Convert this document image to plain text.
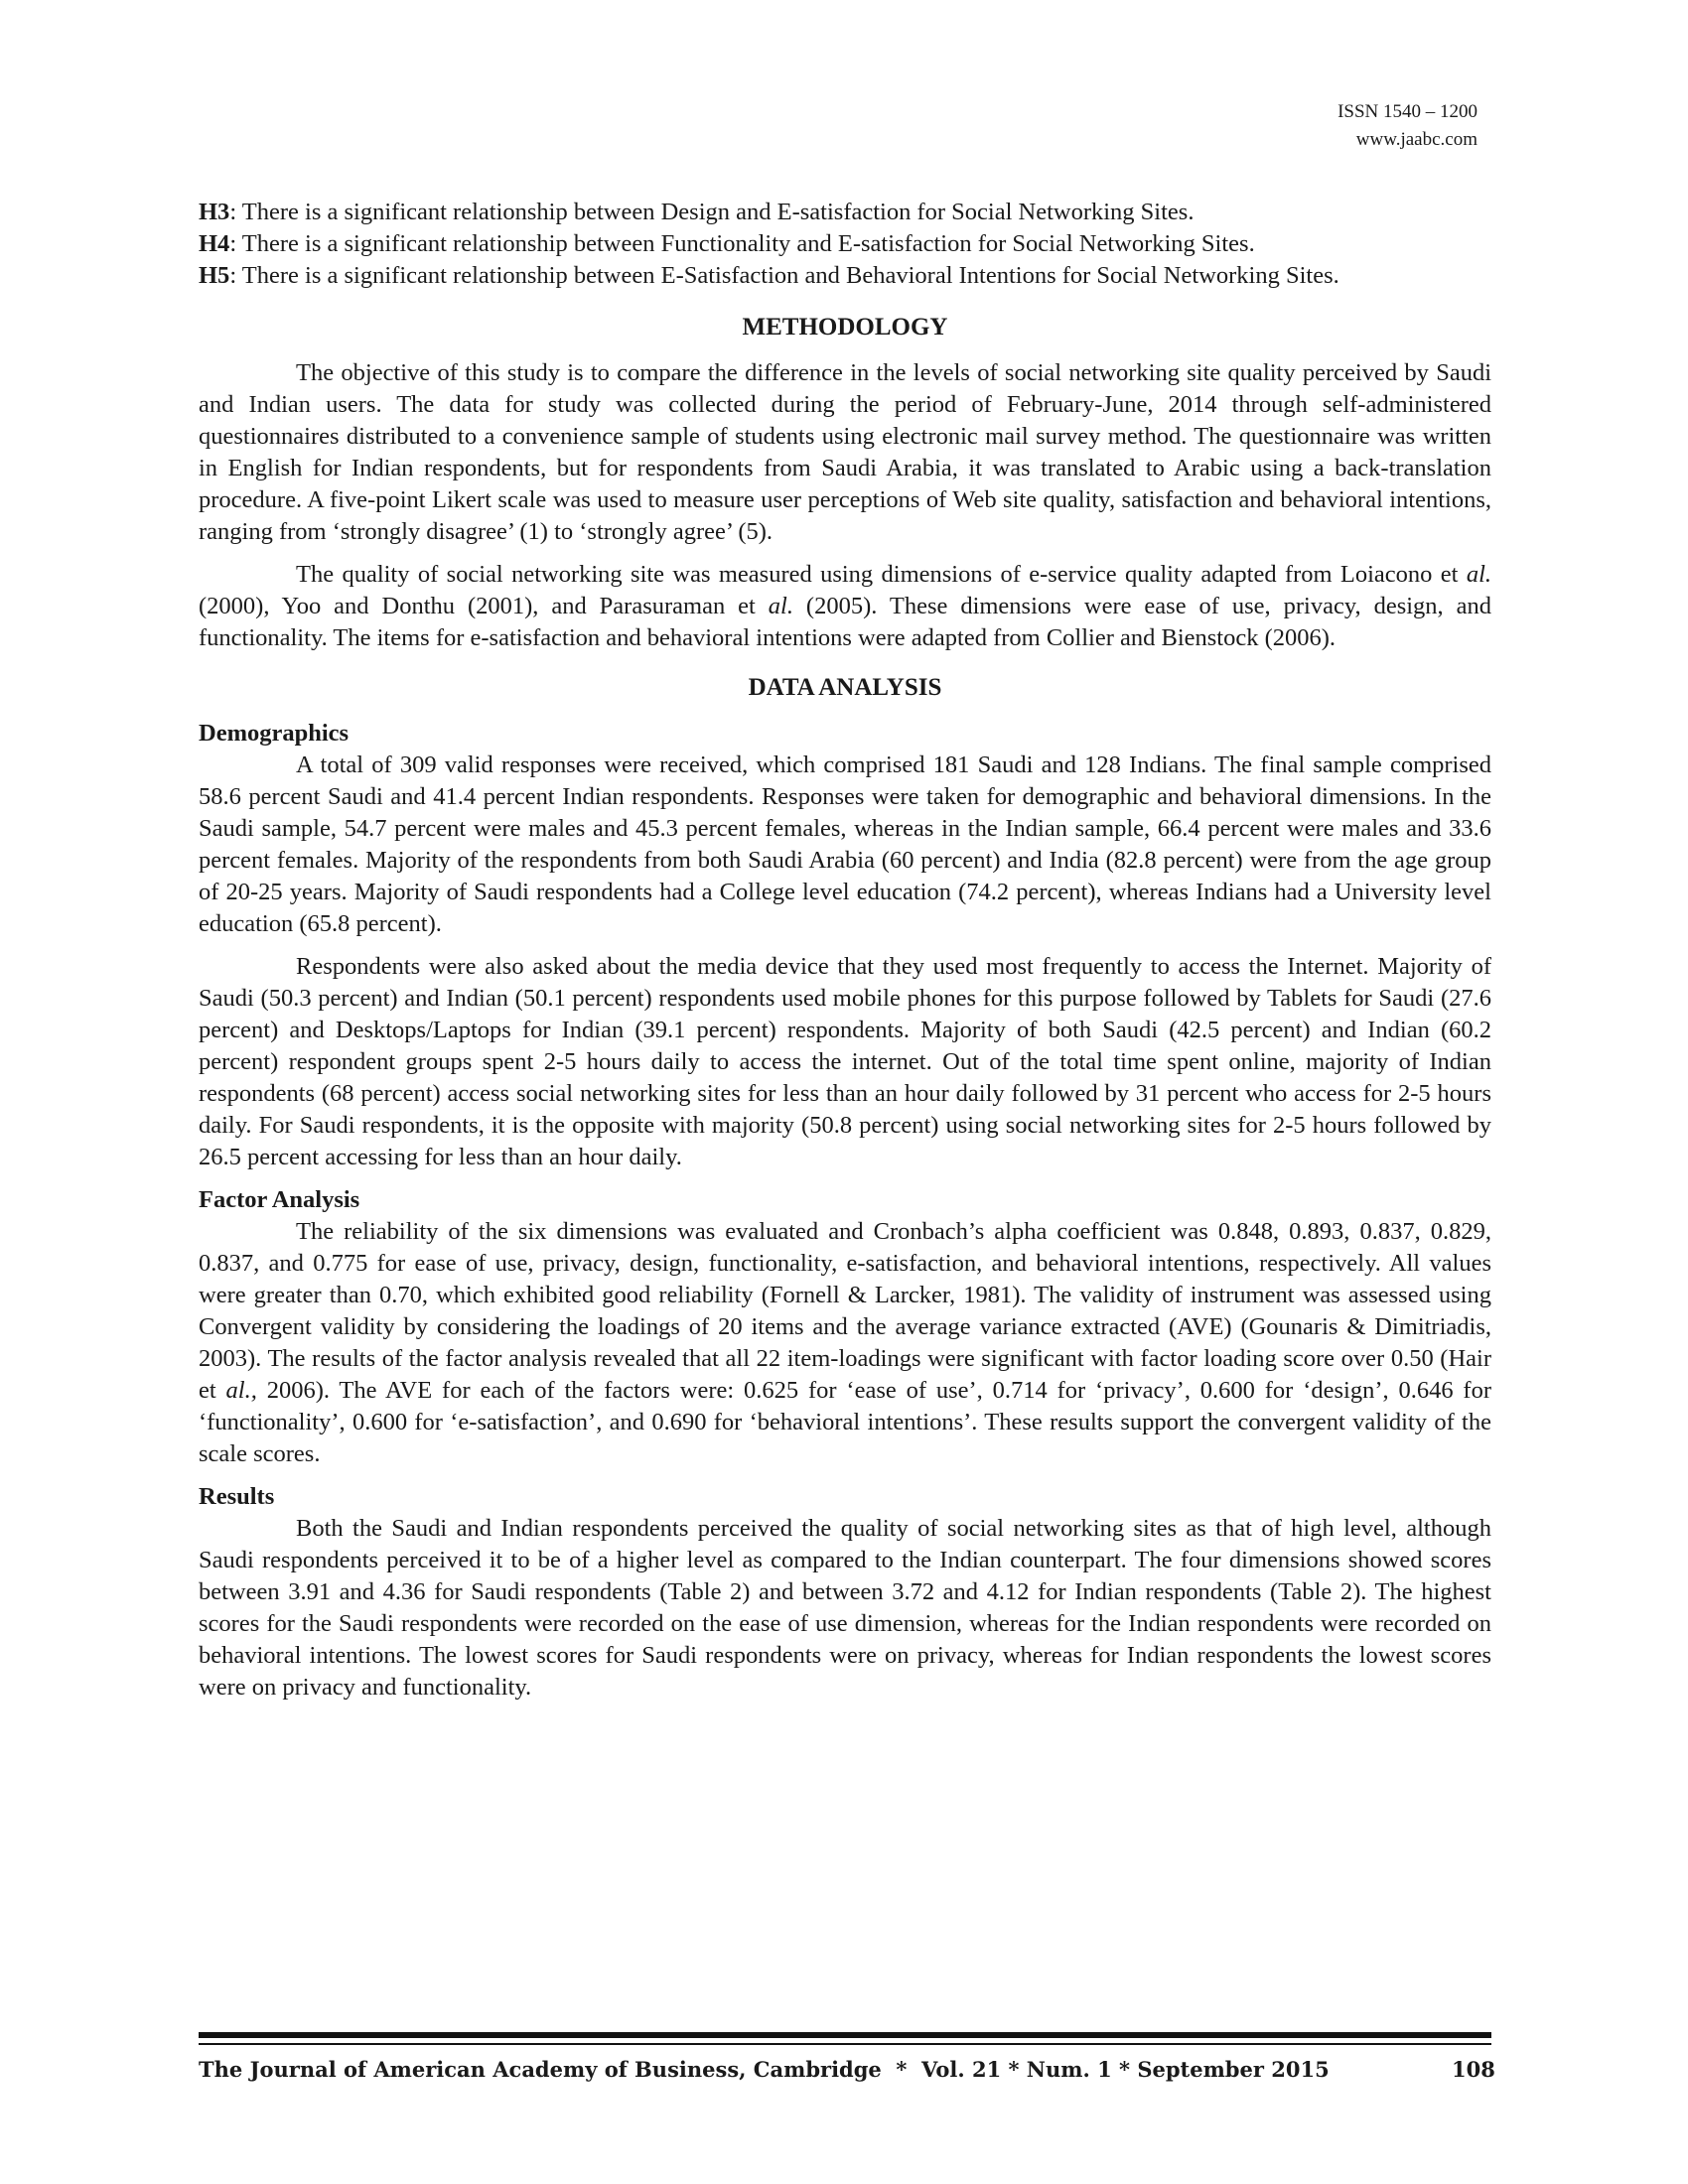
ISSN 1540 – 1200
www.jaabc.com

H3: There is a significant relationship between Design and E-satisfaction for Social Networking Sites.

H4: There is a significant relationship between Functionality and E-satisfaction for Social Networking Sites.

H5: There is a significant relationship between E-Satisfaction and Behavioral Intentions for Social Networking Sites.

METHODOLOGY

The objective of this study is to compare the difference in the levels of social networking site quality perceived by Saudi and Indian users. The data for study was collected during the period of February-June, 2014 through self-administered questionnaires distributed to a convenience sample of students using electronic mail survey method. The questionnaire was written in English for Indian respondents, but for respondents from Saudi Arabia, it was translated to Arabic using a back-translation procedure. A five-point Likert scale was used to measure user perceptions of Web site quality, satisfaction and behavioral intentions, ranging from ‘strongly disagree’ (1) to ‘strongly agree’ (5).

The quality of social networking site was measured using dimensions of e-service quality adapted from Loiacono et al. (2000), Yoo and Donthu (2001), and Parasuraman et al. (2005). These dimensions were ease of use, privacy, design, and functionality. The items for e-satisfaction and behavioral intentions were adapted from Collier and Bienstock (2006).

DATA ANALYSIS
Demographics

A total of 309 valid responses were received, which comprised 181 Saudi and 128 Indians. The final sample comprised 58.6 percent Saudi and 41.4 percent Indian respondents. Responses were taken for demographic and behavioral dimensions. In the Saudi sample, 54.7 percent were males and 45.3 percent females, whereas in the Indian sample, 66.4 percent were males and 33.6 percent females. Majority of the respondents from both Saudi Arabia (60 percent) and India (82.8 percent) were from the age group of 20-25 years. Majority of Saudi respondents had a College level education (74.2 percent), whereas Indians had a University level education (65.8 percent).

Respondents were also asked about the media device that they used most frequently to access the Internet. Majority of Saudi (50.3 percent) and Indian (50.1 percent) respondents used mobile phones for this purpose followed by Tablets for Saudi (27.6 percent) and Desktops/Laptops for Indian (39.1 percent) respondents. Majority of both Saudi (42.5 percent) and Indian (60.2 percent) respondent groups spent 2-5 hours daily to access the internet. Out of the total time spent online, majority of Indian respondents (68 percent) access social networking sites for less than an hour daily followed by 31 percent who access for 2-5 hours daily. For Saudi respondents, it is the opposite with majority (50.8 percent) using social networking sites for 2-5 hours followed by 26.5 percent accessing for less than an hour daily.

Factor Analysis

The reliability of the six dimensions was evaluated and Cronbach’s alpha coefficient was 0.848, 0.893, 0.837, 0.829, 0.837, and 0.775 for ease of use, privacy, design, functionality, e-satisfaction, and behavioral intentions, respectively. All values were greater than 0.70, which exhibited good reliability (Fornell & Larcker, 1981). The validity of instrument was assessed using Convergent validity by considering the loadings of 20 items and the average variance extracted (AVE) (Gounaris & Dimitriadis, 2003). The results of the factor analysis revealed that all 22 item-loadings were significant with factor loading score over 0.50 (Hair et al., 2006). The AVE for each of the factors were: 0.625 for ‘ease of use’, 0.714 for ‘privacy’, 0.600 for ‘design’, 0.646 for ‘functionality’, 0.600 for ‘e-satisfaction’, and 0.690 for ‘behavioral intentions’. These results support the convergent validity of the scale scores.

Results

Both the Saudi and Indian respondents perceived the quality of social networking sites as that of high level, although Saudi respondents perceived it to be of a higher level as compared to the Indian counterpart. The four dimensions showed scores between 3.91 and 4.36 for Saudi respondents (Table 2) and between 3.72 and 4.12 for Indian respondents (Table 2). The highest scores for the Saudi respondents were recorded on the ease of use dimension, whereas for the Indian respondents were recorded on behavioral intentions. The lowest scores for Saudi respondents were on privacy, whereas for Indian respondents the lowest scores were on privacy and functionality.

The Journal of American Academy of Business, Cambridge  *  Vol. 21 * Num. 1 * September 2015	108
